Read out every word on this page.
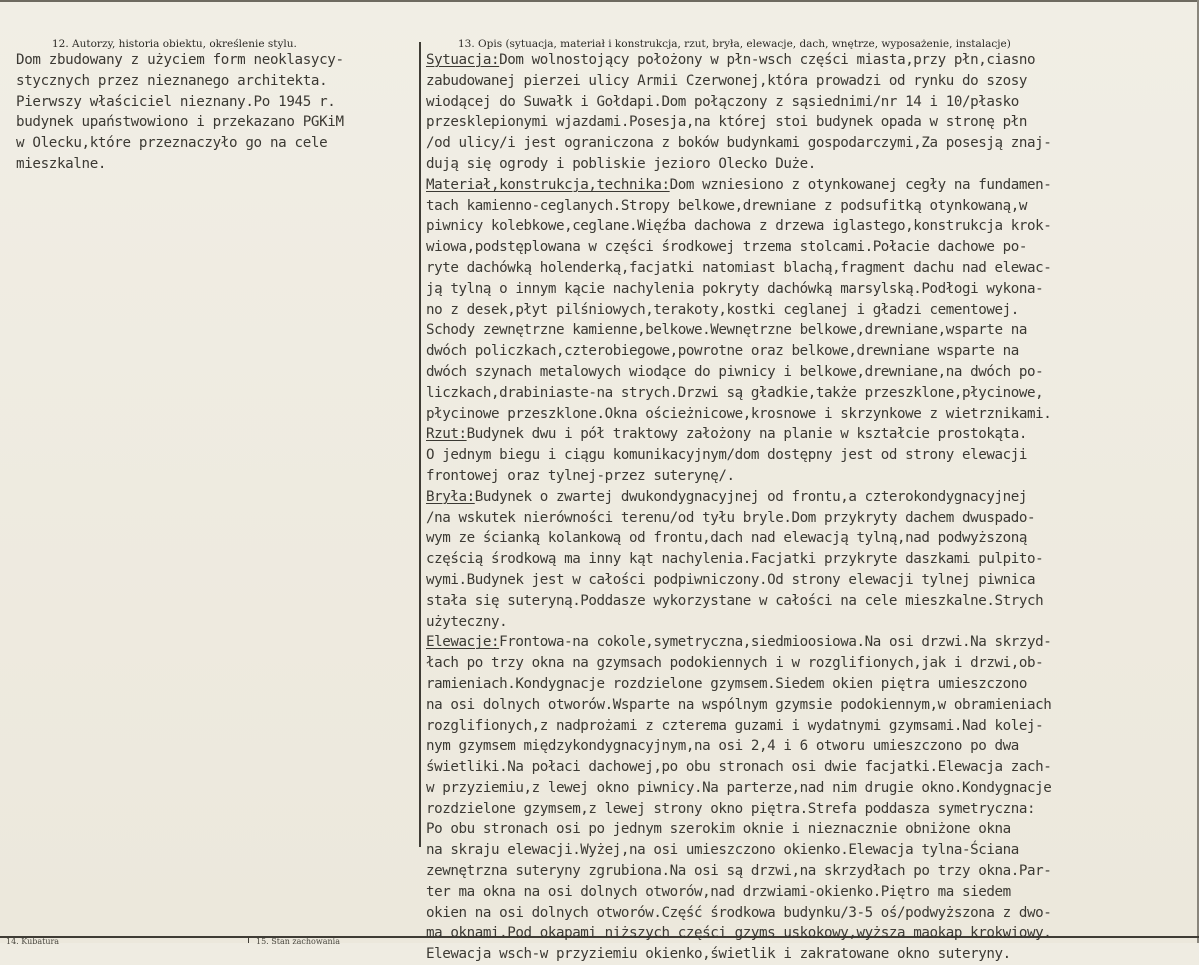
14. Kubatura	15. Stan zachowania
12. Autorzy, historia obiektu, określenie stylu.	13. Opis (sytuacja, materiał i konstrukcja, rzut, bryła, elewacje, dach, wnętrze, wyposażenie, instalacje)
Dom zbudowany z użyciem form neoklasycy-
stycznych przez nieznanego architekta.
Pierwszy właściciel nieznany.Po 1945 r.
budynek upaństwowiono i przekazano PGKiM
w Olecku,które przeznaczyło go na cele
mieszkalne.
Sytuacja:Dom wolnostojący położony w płn-wsch części miasta,przy płn,ciasno
zabudowanej pierzei ulicy Armii Czerwonej,która prowadzi od rynku do szosy
wiodącej do Suwałk i Gołdapi.Dom połączony z sąsiednimi/nr 14 i 10/płasko
przesklepionymi wjazdami.Posesja,na której stoi budynek opada w stronę płn
/od ulicy/i jest ograniczona z boków budynkami gospodarczymi,Za posesją znaj-
dują się ogrody i pobliskie jezioro Olecko Duże.
Materiał,konstrukcja,technika:Dom wzniesiono z otynkowanej cegły na fundamen-
tach kamienno-ceglanych.Stropy belkowe,drewniane z podsufitką otynkowaną,w
piwnicy kolebkowe,ceglane.Więźba dachowa z drzewa iglastego,konstrukcja krok-
wiowa,podstęplowana w części środkowej trzema stolcami.Połacie dachowe po-
ryte dachówką holenderką,facjatki natomiast blachą,fragment dachu nad elewac-
ją tylną o innym kącie nachylenia pokryty dachówką marsylską.Podłogi wykona-
no z desek,płyt pilśniowych,terakoty,kostki ceglanej i gładzi cementowej.
Schody zewnętrzne kamienne,belkowe.Wewnętrzne belkowe,drewniane,wsparte na
dwóch policzkach,czterobiegowe,powrotne oraz belkowe,drewniane wsparte na
dwóch szynach metalowych wiodące do piwnicy i belkowe,drewniane,na dwóch po-
liczkach,drabiniaste-na strych.Drzwi są gładkie,także przeszklone,płycinowe,
płycinowe przeszklone.Okna ościeżnicowe,krosnowe i skrzynkowe z wietrznikami.
Rzut:Budynek dwu i pół traktowy założony na planie w kształcie prostokąta.
O jednym biegu i ciągu komunikacyjnym/dom dostępny jest od strony elewacji
frontowej oraz tylnej-przez suterynę/.
Bryła:Budynek o zwartej dwukondygnacyjnej od frontu,a czterokondygnacyjnej
/na wskutek nierówności terenu/od tyłu bryle.Dom przykryty dachem dwuspado-
wym ze ścianką kolankową od frontu,dach nad elewacją tylną,nad podwyższoną
częścią środkową ma inny kąt nachylenia.Facjatki przykryte daszkami pulpito-
wymi.Budynek jest w całości podpiwniczony.Od strony elewacji tylnej piwnica
stała się suteryną.Poddasze wykorzystane w całości na cele mieszkalne.Strych
użyteczny.
Elewacje:Frontowa-na cokole,symetryczna,siedmioosiowa.Na osi drzwi.Na skrzyd-
łach po trzy okna na gzymsach podokiennych i w rozglifionych,jak i drzwi,ob-
ramieniach.Kondygnacje rozdzielone gzymsem.Siedem okien piętra umieszczono
na osi dolnych otworów.Wsparte na wspólnym gzymsie podokiennym,w obramieniach
rozglifionych,z nadprożami z czterema guzami i wydatnymi gzymsami.Nad kolej-
nym gzymsem międzykondygnacyjnym,na osi 2,4 i 6 otworu umieszczono po dwa
świetliki.Na połaci dachowej,po obu stronach osi dwie facjatki.Elewacja zach-
w przyziemiu,z lewej okno piwnicy.Na parterze,nad nim drugie okno.Kondygnacje
rozdzielone gzymsem,z lewej strony okno piętra.Strefa poddasza symetryczna:
Po obu stronach osi po jednym szerokim oknie i nieznacznie obniżone okna
na skraju elewacji.Wyżej,na osi umieszczono okienko.Elewacja tylna-Ściana
zewnętrzna suteryny zgrubiona.Na osi są drzwi,na skrzydłach po trzy okna.Par-
ter ma okna na osi dolnych otworów,nad drzwiami-okienko.Piętro ma siedem
okien na osi dolnych otworów.Część środkowa budynku/3-5 oś/podwyższona z dwo-
ma oknami.Pod okapami niższych części gzyms uskokowy,wyższa maokap krokwiowy.
Elewacja wsch-w przyziemiu okienko,świetlik i zakratowane okno suteryny.
